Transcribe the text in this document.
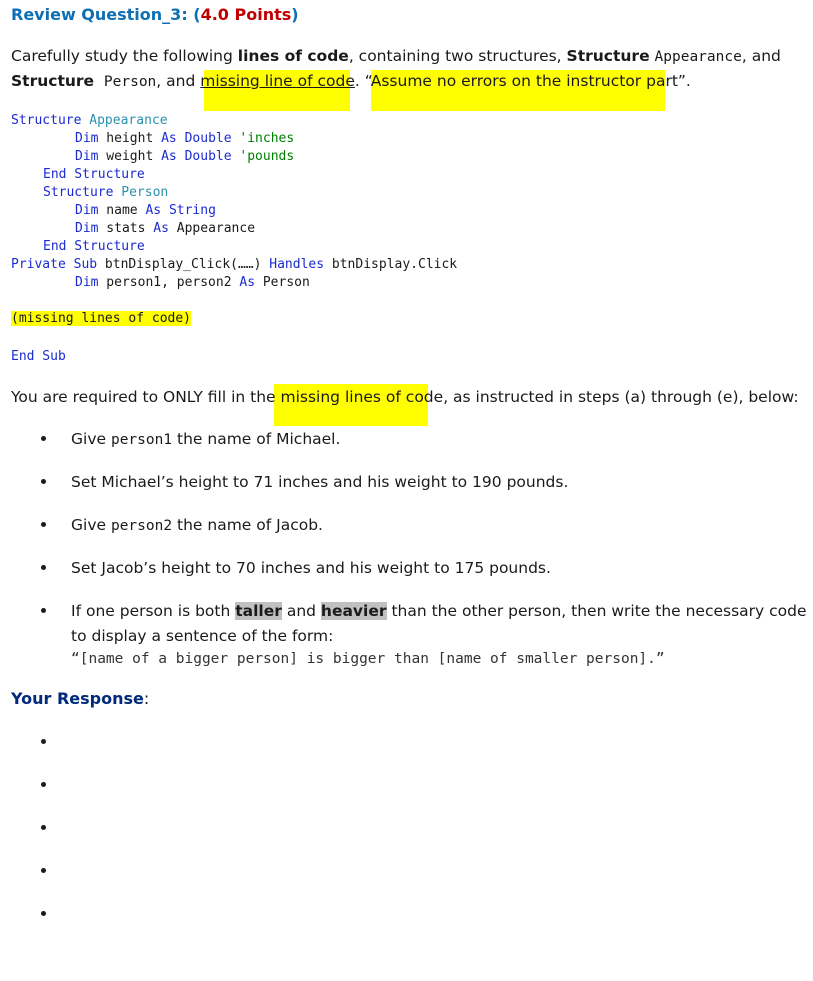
Review Question_3: (4.0 Points)
Carefully study the following lines of code, containing two structures, Structure Appearance, and
Structure Person, and missing line of code. “Assume no errors on the instructor part”.
Structure Appearance
Dim height As Double 'inches
Dim weight As Double 'pounds
End Structure
Structure Person
Dim name As String
Dim stats As Appearance
End Structure
Private Sub btnDisplay_Click(……) Handles btnDisplay.Click
Dim person1, person2 As Person
(missing lines of code)
End Sub
You are required to ONLY fill in the missing lines of code, as instructed in steps (a) through (e), below:
Give person1 the name of Michael.
Set Michael’s height to 71 inches and his weight to 190 pounds.
Give person2 the name of Jacob.
Set Jacob’s height to 70 inches and his weight to 175 pounds.
If one person is both taller and heavier than the other person, then write the necessary code
to display a sentence of the form:
“[name of a bigger person] is bigger than [name of smaller person].”
Your Response:
